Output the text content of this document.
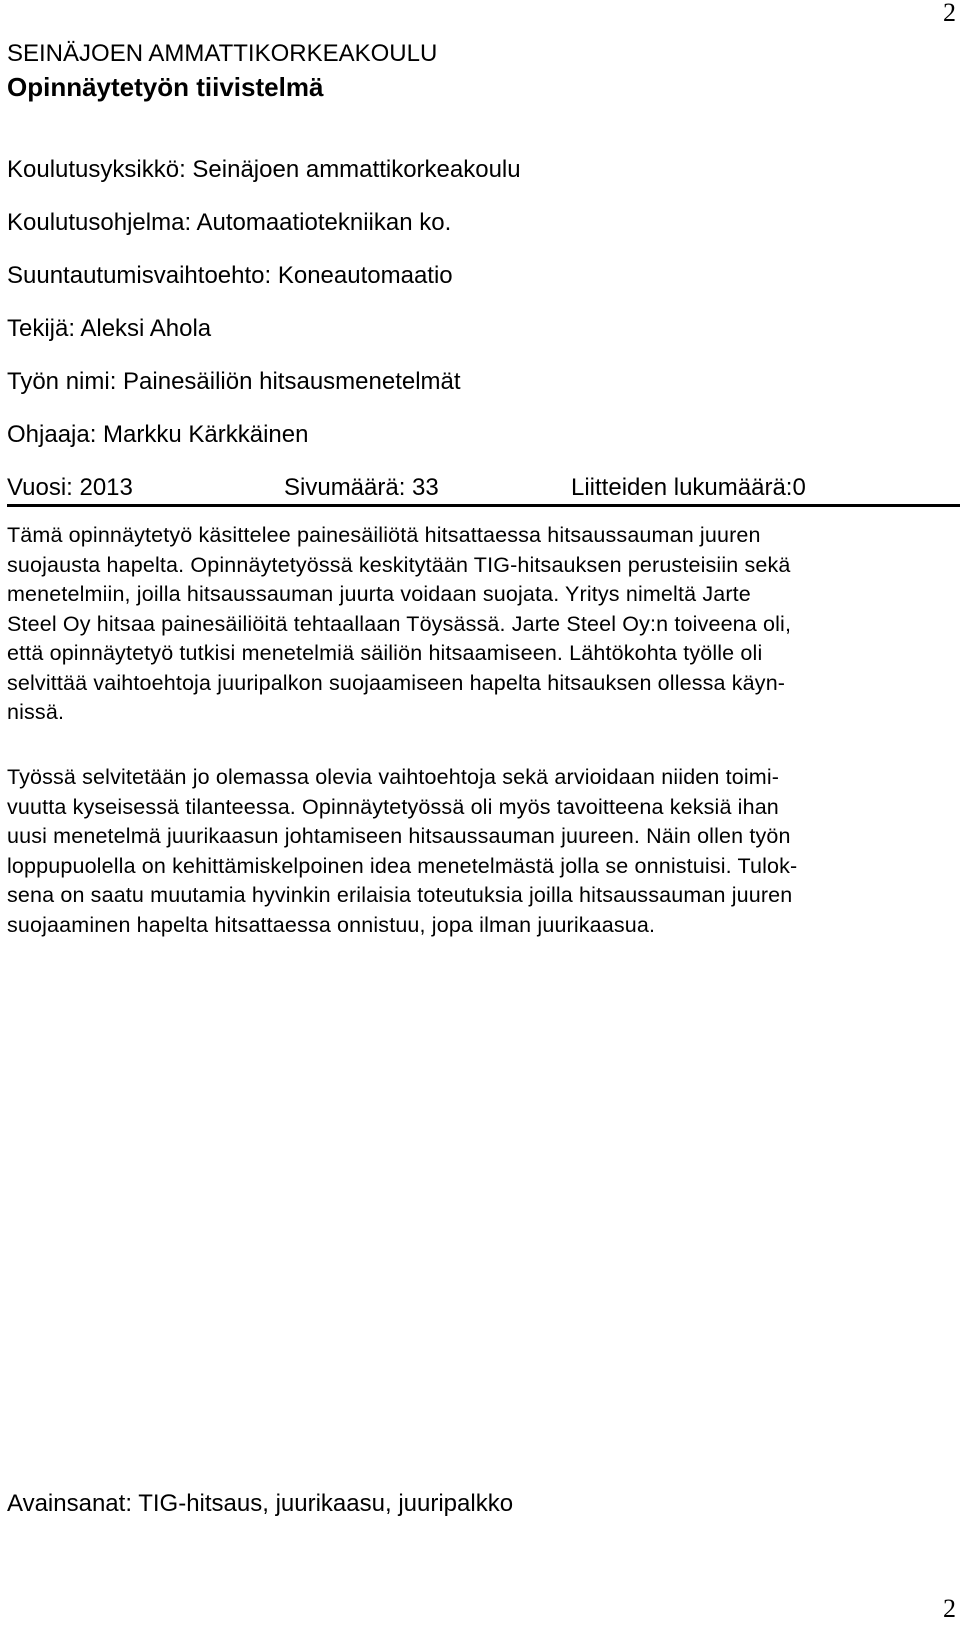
2
SEINÄJOEN AMMATTIKORKEAKOULU
Opinnäytetyön tiivistelmä
Koulutusyksikkö: Seinäjoen ammattikorkeakoulu
Koulutusohjelma: Automaatiotekniikan ko.
Suuntautumisvaihtoehto: Koneautomaatio
Tekijä: Aleksi Ahola
Työn nimi: Painesäiliön hitsausmenetelmät
Ohjaaja: Markku Kärkkäinen
Vuosi: 2013	Sivumäärä: 33	Liitteiden lukumäärä:0
Tämä opinnäytetyö käsittelee painesäiliötä hitsattaessa hitsaussauman juuren
suojausta hapelta. Opinnäytetyössä keskitytään TIG-hitsauksen perusteisiin sekä
menetelmiin, joilla hitsaussauman juurta voidaan suojata. Yritys nimeltä Jarte
Steel Oy hitsaa painesäiliöitä tehtaallaan Töysässä. Jarte Steel Oy:n toiveena oli,
että opinnäytetyö tutkisi menetelmiä säiliön hitsaamiseen. Lähtökohta työlle oli
selvittää vaihtoehtoja juuripalkon suojaamiseen hapelta hitsauksen ollessa käyn-
nissä.
Työssä selvitetään jo olemassa olevia vaihtoehtoja sekä arvioidaan niiden toimi-
vuutta kyseisessä tilanteessa. Opinnäytetyössä oli myös tavoitteena keksiä ihan
uusi menetelmä juurikaasun johtamiseen hitsaussauman juureen. Näin ollen työn
loppupuolella on kehittämiskelpoinen idea menetelmästä jolla se onnistuisi. Tulok-
sena on saatu muutamia hyvinkin erilaisia toteutuksia joilla hitsaussauman juuren
suojaaminen hapelta hitsattaessa onnistuu, jopa ilman juurikaasua.
Avainsanat: TIG-hitsaus, juurikaasu, juuripalkko
2
